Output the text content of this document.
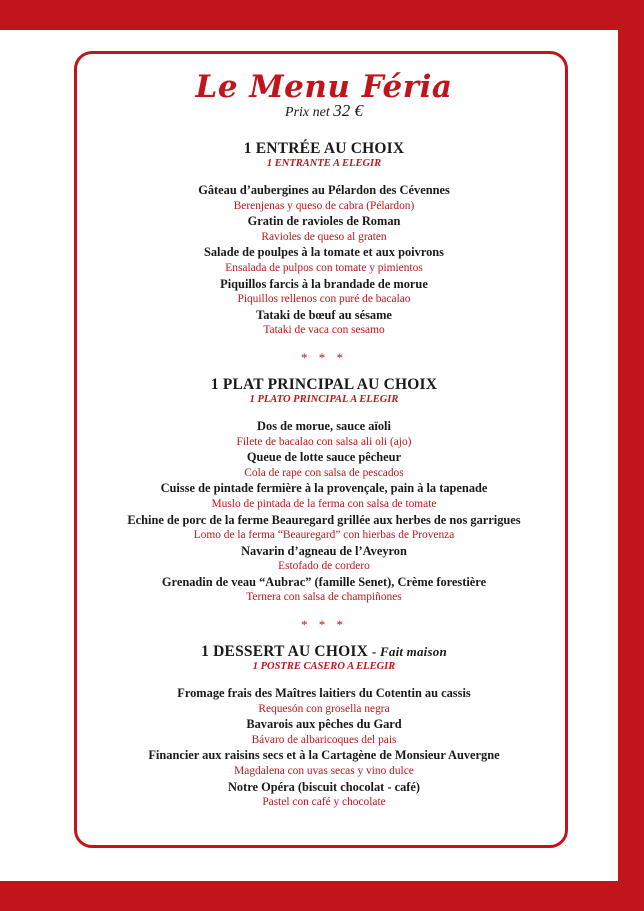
Le Menu Féria
Prix net 32 €
1 ENTRÉE AU CHOIX
1 ENTRANTE A ELEGIR
Gâteau d’aubergines au Pélardon des Cévennes
Berenjenas y queso de cabra (Pélardon)
Gratin de ravioles de Roman
Ravioles de queso al graten
Salade de poulpes à la tomate et aux poivrons
Ensalada de pulpos con tomate y pimientos
Piquillos farcis à la brandade de morue
Piquillos rellenos con puré de bacalao
Tataki de bœuf au sésame
Tataki de vaca con sesamo
* * *
1 PLAT PRINCIPAL AU CHOIX
1 PLATO PRINCIPAL A ELEGIR
Dos de morue, sauce aïoli
Filete de bacalao con salsa ali oli (ajo)
Queue de lotte sauce pêcheur
Cola de rape con salsa de pescados
Cuisse de pintade fermière à la provençale, pain à la tapenade
Muslo de pintada de la ferma con salsa de tomate
Echine de porc de la ferme Beauregard grillée aux herbes de nos garrigues
Lomo de la ferma “Beauregard” con hierbas de Provenza
Navarin d’agneau de l’Aveyron
Estofado de cordero
Grenadin de veau “Aubrac” (famille Senet), Crème forestière
Ternera con salsa de champiñones
* * *
1 DESSERT AU CHOIX - Fait maison
1 POSTRE CASERO A ELEGIR
Fromage frais des Maîtres laitiers du Cotentin au cassis
Requesón con grosella negra
Bavarois aux pêches du Gard
Bávaro de albaricoques del pais
Financier aux raisins secs et à la Cartagène de Monsieur Auvergne
Magdalena con uvas secas y vino dulce
Notre Opéra (biscuit chocolat - café)
Pastel con café y chocolate
